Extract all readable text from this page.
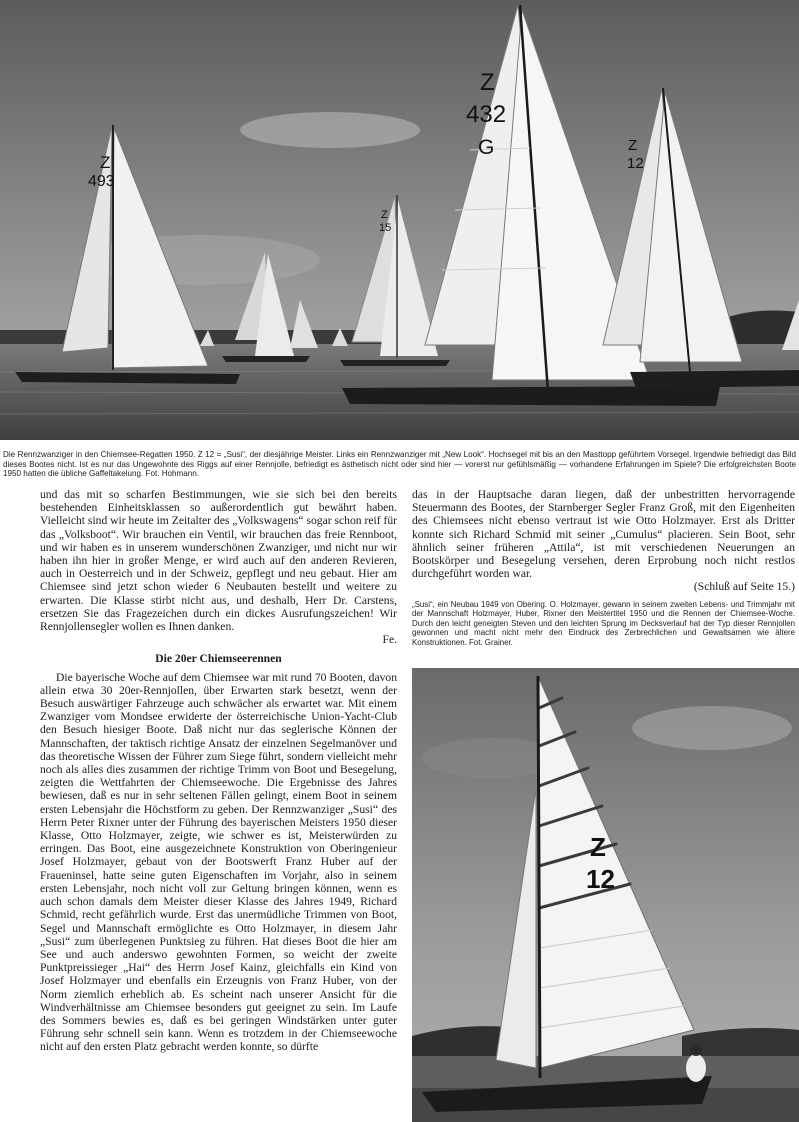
Z
493
Z
15
Z
432
G	Z
12

Die Rennzwanziger in den Chiemsee-Regatten 1950. Z 12 = „Susi“, der diesjährige Meister. Links ein Rennzwanziger mit „New Look“. Hochsegel mit bis an den Masttopp geführtem Vorsegel. Irgendwie befriedigt das Bild dieses Bootes nicht. Ist es nur das Ungewohnte des Riggs auf einer Rennjolle, befriedigt es ästhetisch nicht oder sind hier — vorerst nur gefühlsmäßig — vorhandene Erfahrungen im Spiele? Die erfolgreichsten Boote 1950 hatten die übliche Gaffeltakelung. Fot. Hohmann.

und das mit so scharfen Bestimmungen, wie sie sich bei den bereits bestehenden Einheitsklassen so außerordentlich gut bewährt haben. Vielleicht sind wir heute im Zeitalter des „Volkswagens“ sogar schon reif für das „Volksboot“. Wir brauchen ein Ventil, wir brauchen das freie Rennboot, und wir haben es in unserem wunderschönen Zwanziger, und nicht nur wir haben ihn hier in großer Menge, er wird auch auf den anderen Revieren, auch in Oesterreich und in der Schweiz, gepflegt und neu gebaut. Hier am Chiemsee sind jetzt schon wieder 6 Neubauten bestellt und weitere zu erwarten. Die Klasse stirbt nicht aus, und deshalb, Herr Dr. Carstens, ersetzen Sie das Fragezeichen durch ein dickes Ausrufungszeichen! Wir Rennjollensegler wollen es Ihnen danken.
Fe.

Die 20er Chiemseerennen

Die bayerische Woche auf dem Chiemsee war mit rund 70 Booten, davon allein etwa 30 20er-Rennjollen, über Erwarten stark besetzt, wenn der Besuch auswärtiger Fahrzeuge auch schwächer als erwartet war. Mit einem Zwanziger vom Mondsee erwiderte der österreichische Union-Yacht-Club den Besuch hiesiger Boote. Daß nicht nur das seglerische Können der Mannschaften, der taktisch richtige Ansatz der einzelnen Segelmanöver und das theoretische Wissen der Führer zum Siege führt, sondern vielleicht mehr noch als alles dies zusammen der richtige Trimm von Boot und Besegelung, zeigten die Wettfahrten der Chiemseewoche. Die Ergebnisse des Jahres bewiesen, daß es nur in sehr seltenen Fällen gelingt, einem Boot in seinem ersten Lebensjahr die Höchstform zu geben. Der Rennzwanziger „Susi“ des Herrn Peter Rixner unter der Führung des bayerischen Meisters 1950 dieser Klasse, Otto Holzmayer, zeigte, wie schwer es ist, Meisterwürden zu erringen. Das Boot, eine ausgezeichnete Konstruktion von Oberingenieur Josef Holzmayer, gebaut von der Bootswerft Franz Huber auf der Fraueninsel, hatte seine guten Eigenschaften im Vorjahr, also in seinem ersten Lebensjahr, noch nicht voll zur Geltung bringen können, wenn es auch schon damals dem Meister dieser Klasse des Jahres 1949, Richard Schmid, recht gefährlich wurde. Erst das unermüdliche Trimmen von Boot, Segel und Mannschaft ermöglichte es Otto Holzmayer, in diesem Jahr „Susi“ zum überlegenen Punktsieg zu führen. Hat dieses Boot die hier am See und auch anderswo gewohnten Formen, so weicht der zweite Punktpreissieger „Hai“ des Herrn Josef Kainz, gleichfalls ein Kind von Josef Holzmayer und ebenfalls ein Erzeugnis von Franz Huber, von der Norm ziemlich erheblich ab. Es scheint nach unserer Ansicht für die Windverhältnisse am Chiemsee besonders gut geeignet zu sein. Im Laufe des Sommers bewies es, daß es bei geringen Windstärken unter guter Führung sehr schnell sein kann. Wenn es trotzdem in der Chiemseewoche nicht auf den ersten Platz gebracht werden konnte, so dürfte

das in der Hauptsache daran liegen, daß der unbestritten hervorragende Steuermann des Bootes, der Starnberger Segler Franz Groß, mit den Eigenheiten des Chiemsees nicht ebenso vertraut ist wie Otto Holzmayer. Erst als Dritter konnte sich Richard Schmid mit seiner „Cumulus“ placieren. Sein Boot, sehr ähnlich seiner früheren „Attila“, ist mit verschiedenen Neuerungen an Bootskörper und Besegelung versehen, deren Erprobung noch nicht restlos durchgeführt worden war.
(Schluß auf Seite 15.)

„Susi“, ein Neubau 1949 von Obering. O. Holzmayer, gewann in seinem zweiten Lebens- und Trimmjahr mit der Mannschaft Holzmayer, Huber, Rixner den Meistertitel 1950 und die Rennen der Chiemsee-Woche. Durch den leicht geneigten Steven und den leichten Sprung im Decksverlauf hat der Typ dieser Rennjollen gewonnen und macht nicht mehr den Eindruck des Zerbrechlichen und Gewaltsamen wie ältere Konstruktionen. Fot. Grainer.

Z
12
